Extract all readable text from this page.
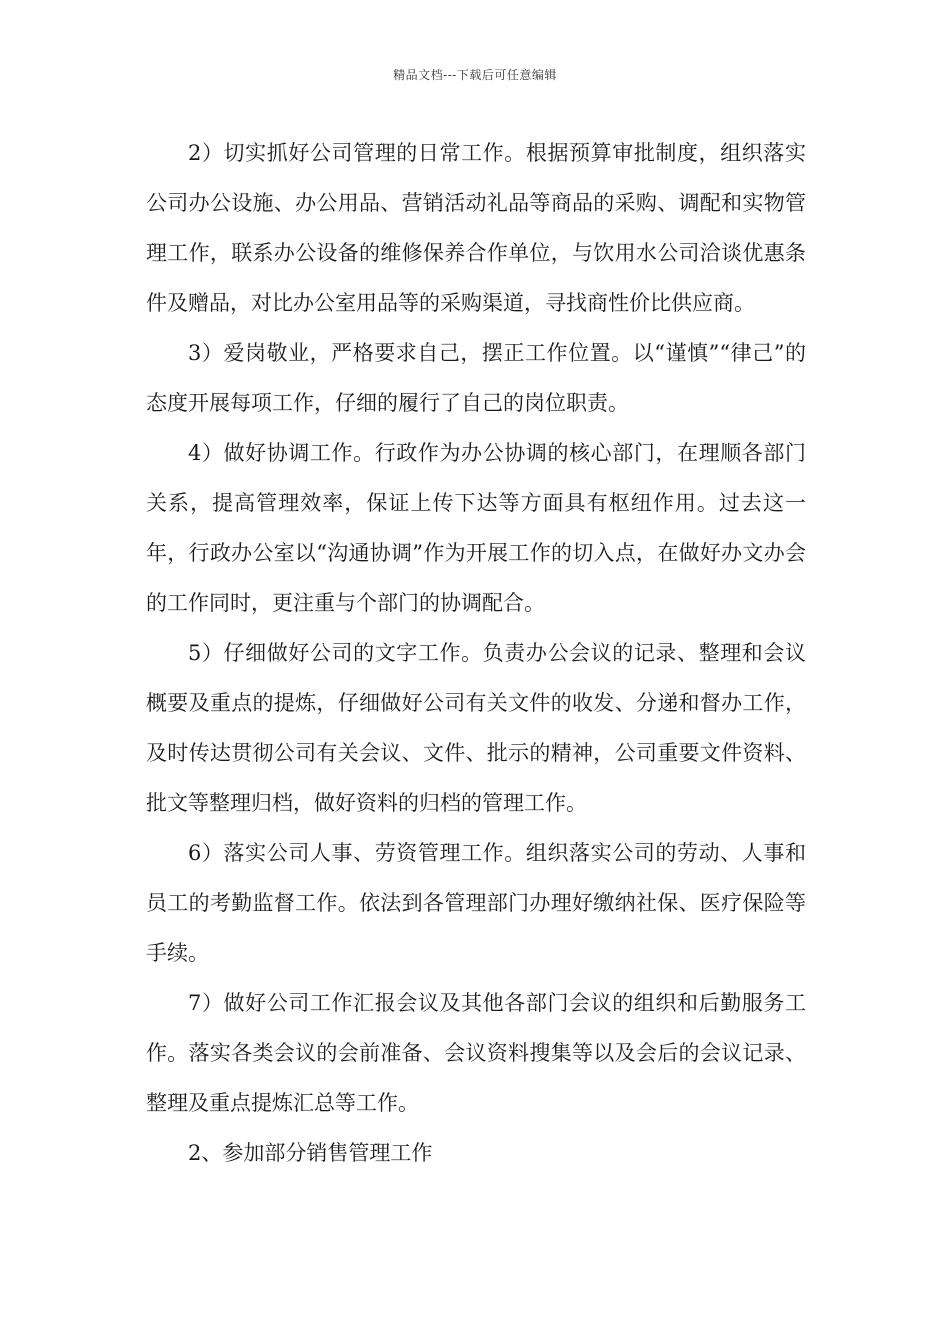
精品文档---下载后可任意编辑

2）切实抓好公司管理的日常工作。根据预算审批制度，组织落实公司办公设施、办公用品、营销活动礼品等商品的采购、调配和实物管理工作，联系办公设备的维修保养合作单位，与饮用水公司洽谈优惠条件及赠品，对比办公室用品等的采购渠道，寻找商性价比供应商。

3）爱岗敬业，严格要求自己，摆正工作位置。以“谨慎”“律己”的态度开展每项工作，仔细的履行了自己的岗位职责。

4）做好协调工作。行政作为办公协调的核心部门，在理顺各部门关系，提高管理效率，保证上传下达等方面具有枢纽作用。过去这一年，行政办公室以“沟通协调”作为开展工作的切入点，在做好办文办会的工作同时，更注重与个部门的协调配合。

5）仔细做好公司的文字工作。负责办公会议的记录、整理和会议概要及重点的提炼，仔细做好公司有关文件的收发、分递和督办工作，及时传达贯彻公司有关会议、文件、批示的精神，公司重要文件资料、批文等整理归档，做好资料的归档的管理工作。

6）落实公司人事、劳资管理工作。组织落实公司的劳动、人事和员工的考勤监督工作。依法到各管理部门办理好缴纳社保、医疗保险等手续。

7）做好公司工作汇报会议及其他各部门会议的组织和后勤服务工作。落实各类会议的会前准备、会议资料搜集等以及会后的会议记录、整理及重点提炼汇总等工作。

2、参加部分销售管理工作
